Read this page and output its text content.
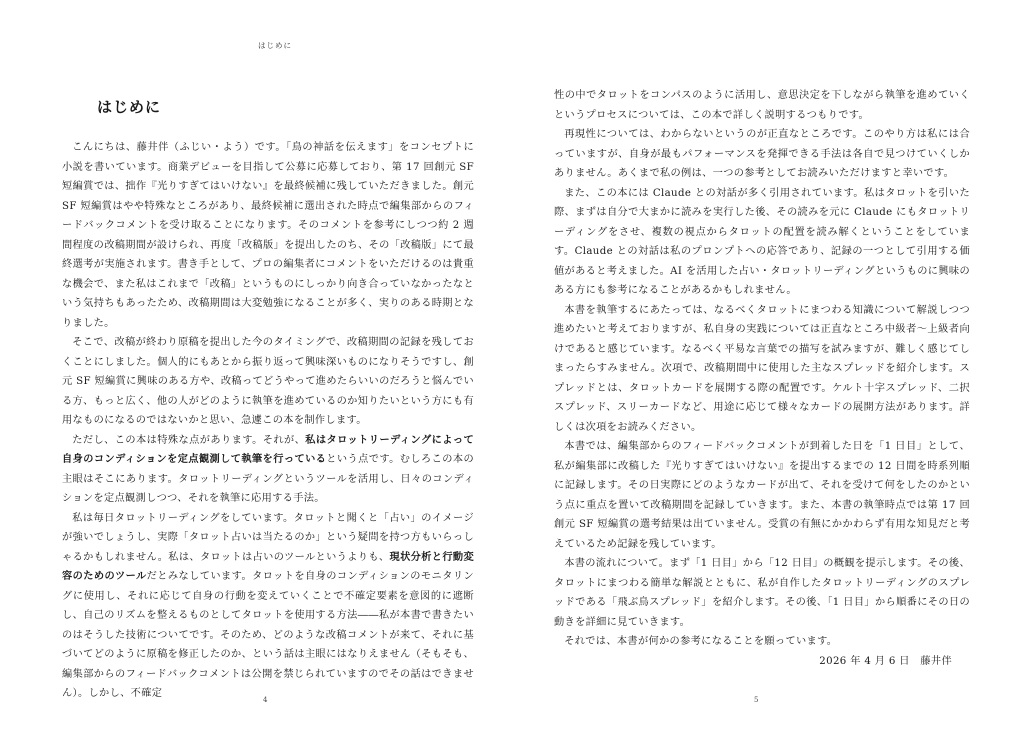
はじめに
はじめに

こんにちは、藤井伴（ふじい・よう）です。「鳥の神話を伝えます」をコンセプトに小説を書いています。商業デビューを目指して公募に応募しており、第 17 回創元 SF 短編賞では、拙作『光りすぎてはいけない』を最終候補に残していただきました。創元 SF 短編賞はやや特殊なところがあり、最終候補に選出された時点で編集部からのフィードバックコメントを受け取ることになります。そのコメントを参考にしつつ約 2 週間程度の改稿期間が設けられ、再度「改稿版」を提出したのち、その「改稿版」にて最終選考が実施されます。書き手として、プロの編集者にコメントをいただけるのは貴重な機会で、また私はこれまで「改稿」というものにしっかり向き合っていなかったなという気持ちもあったため、改稿期間は大変勉強になることが多く、実りのある時期となりました。

そこで、改稿が終わり原稿を提出した今のタイミングで、改稿期間の記録を残しておくことにしました。個人的にもあとから振り返って興味深いものになりそうですし、創元 SF 短編賞に興味のある方や、改稿ってどうやって進めたらいいのだろうと悩んでいる方、もっと広く、他の人がどのように執筆を進めているのか知りたいという方にも有用なものになるのではないかと思い、急遽この本を制作します。

ただし、この本は特殊な点があります。それが、私はタロットリーディングによって自身のコンディションを定点観測して執筆を行っているという点です。むしろこの本の主眼はそこにあります。タロットリーディングというツールを活用し、日々のコンディションを定点観測しつつ、それを執筆に応用する手法。

私は毎日タロットリーディングをしています。タロットと聞くと「占い」のイメージが強いでしょうし、実際「タロット占いは当たるのか」という疑問を持つ方もいらっしゃるかもしれません。私は、タロットは占いのツールというよりも、現状分析と行動変容のためのツールだとみなしています。タロットを自身のコンディションのモニタリングに使用し、それに応じて自身の行動を変えていくことで不確定要素を意図的に遮断し、自己のリズムを整えるものとしてタロットを使用する方法――私が本書で書きたいのはそうした技術についてです。そのため、どのような改稿コメントが来て、それに基づいてどのように原稿を修正したのか、という話は主眼にはなりえません（そもそも、編集部からのフィードバックコメントは公開を禁じられていますのでその話はできません）。しかし、不確定

4

性の中でタロットをコンパスのように活用し、意思決定を下しながら執筆を進めていくというプロセスについては、この本で詳しく説明するつもりです。

再現性については、わからないというのが正直なところです。このやり方は私には合っていますが、自身が最もパフォーマンスを発揮できる手法は各自で見つけていくしかありません。あくまで私の例は、一つの参考としてお読みいただけますと幸いです。

また、この本には Claude との対話が多く引用されています。私はタロットを引いた際、まずは自分で大まかに読みを実行した後、その読みを元に Claude にもタロットリーディングをさせ、複数の視点からタロットの配置を読み解くということをしています。Claude との対話は私のプロンプトへの応答であり、記録の一つとして引用する価値があると考えました。AI を活用した占い・タロットリーディングというものに興味のある方にも参考になることがあるかもしれません。

本書を執筆するにあたっては、なるべくタロットにまつわる知識について解説しつつ進めたいと考えておりますが、私自身の実践については正直なところ中級者〜上級者向けであると感じています。なるべく平易な言葉での描写を試みますが、難しく感じてしまったらすみません。次項で、改稿期間中に使用した主なスプレッドを紹介します。スプレッドとは、タロットカードを展開する際の配置です。ケルト十字スプレッド、二択スプレッド、スリーカードなど、用途に応じて様々なカードの展開方法があります。詳しくは次項をお読みください。

本書では、編集部からのフィードバックコメントが到着した日を「1 日目」として、私が編集部に改稿した『光りすぎてはいけない』を提出するまでの 12 日間を時系列順に記録します。その日実際にどのようなカードが出て、それを受けて何をしたのかという点に重点を置いて改稿期間を記録していきます。また、本書の執筆時点では第 17 回創元 SF 短編賞の選考結果は出ていません。受賞の有無にかかわらず有用な知見だと考えているため記録を残しています。

本書の流れについて。まず「1 日目」から「12 日目」の概観を提示します。その後、タロットにまつわる簡単な解説とともに、私が自作したタロットリーディングのスプレッドである「飛ぶ鳥スプレッド」を紹介します。その後、「1 日目」から順番にその日の動きを詳細に見ていきます。

それでは、本書が何かの参考になることを願っています。

2026 年 4 月 6 日　藤井伴

5
